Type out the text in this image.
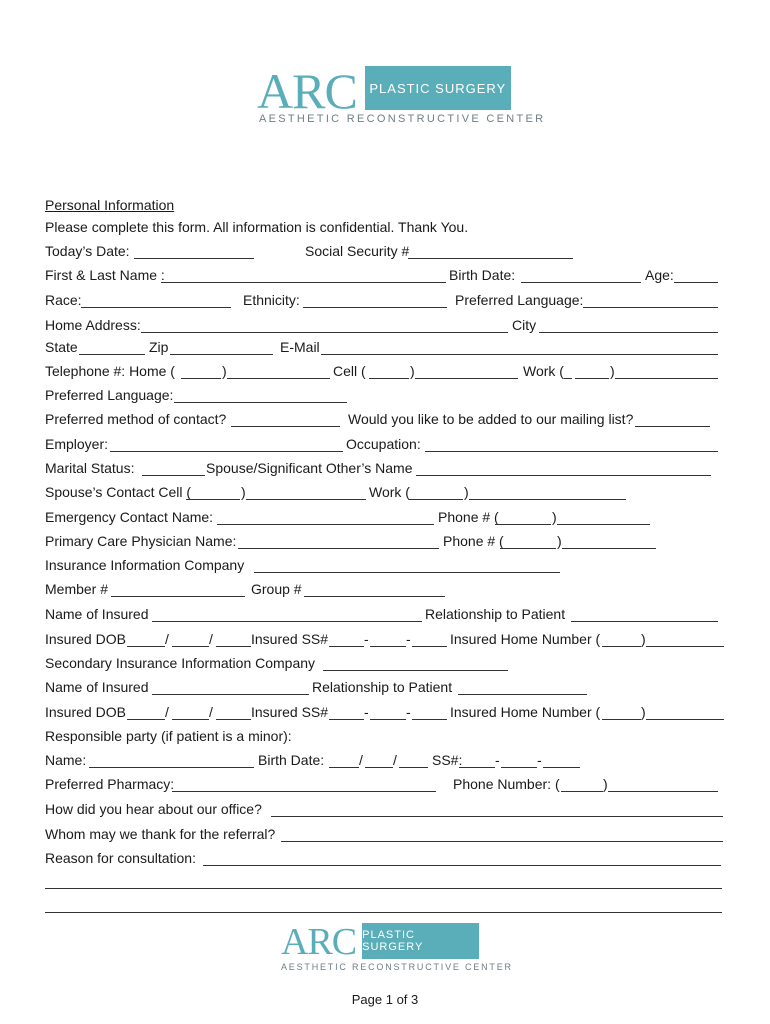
ARC PLASTIC SURGERY
AESTHETIC RECONSTRUCTIVE CENTER
Personal Information
Please complete this form. All information is confidential. Thank You.
Today’s Date:	Social Security #
First & Last Name :	Birth Date:	Age:
Race:	Ethnicity:	Preferred Language:
Home Address:	City
State	Zip	E-Mail
Telephone #: Home (	)	Cell (	)	Work (_	)
Preferred Language:
Preferred method of contact?	Would you like to be added to our mailing list?
Employer:	Occupation:
Marital Status:	Spouse/Significant Other’s Name
Spouse’s Contact Cell (	)	Work (	)
Emergency Contact Name:	Phone # (	)
Primary Care Physician Name:	Phone # (	)
Insurance Information Company
Member #	Group #
Name of Insured	Relationship to Patient
Insured DOB	/	/	Insured SS#	-	-	Insured Home Number (	)
Secondary Insurance Information Company
Name of Insured	Relationship to Patient
Insured DOB	/	/	Insured SS#	-	-	Insured Home Number (	)
Responsible party (if patient is a minor):
Name:	Birth Date: / /	SS#: -	-
Preferred Pharmacy:	Phone Number: (	)
How did you hear about our office?
Whom may we thank for the referral?
Reason for consultation:
ARC PLASTIC SURGERY
AESTHETIC RECONSTRUCTIVE CENTER
Page 1 of 3
